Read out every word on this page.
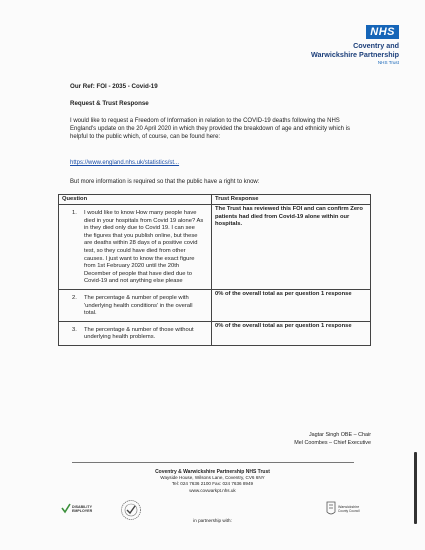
NHS
Coventry and
Warwickshire Partnership
NHS Trust
Our Ref: FOI - 2035 - Covid-19
Request & Trust Response
I would like to request a Freedom of Information in relation to the COVID-19 deaths following the NHS England's update on the 20 April 2020 in which they provided the breakdown of age and ethnicity which is helpful to the public which, of course, can be found here:
https://www.england.nhs.uk/statistics/st...
But more information is required so that the public have a right to know:
Question	Trust Response

1. I would like to know How many people have died in your hospitals from Covid 19 alone? As in they died only due to Covid 19. I can see the figures that you publish online, but these are deaths within 28 days of a positive covid test, so they could have died from other causes. I just want to know the exact figure from 1st February 2020 until the 20th December of people that have died due to Covid-19 and not anything else please	The Trust has reviewed this FOI and can confirm Zero patients had died from Covid-19 alone within our hospitals.

2. The percentage & number of people with 'underlying health conditions' in the overall total.	0% of the overall total as per question 1 response

3. The percentage & number of those without underlying health problems.	0% of the overall total as per question 1 response
Jagtar Singh OBE – Chair
Mel Coombes – Chief Executive
Coventry & Warwickshire Partnership NHS Trust
Wayside House, Wilsons Lane, Coventry, CV6 6NY
Tel: 024 7636 2100 Fax: 024 7636 8949
www.covwarkpt.nhs.uk
DISABILITY
EMPLOYER
Warwickshire
County Council
in partnership with:
